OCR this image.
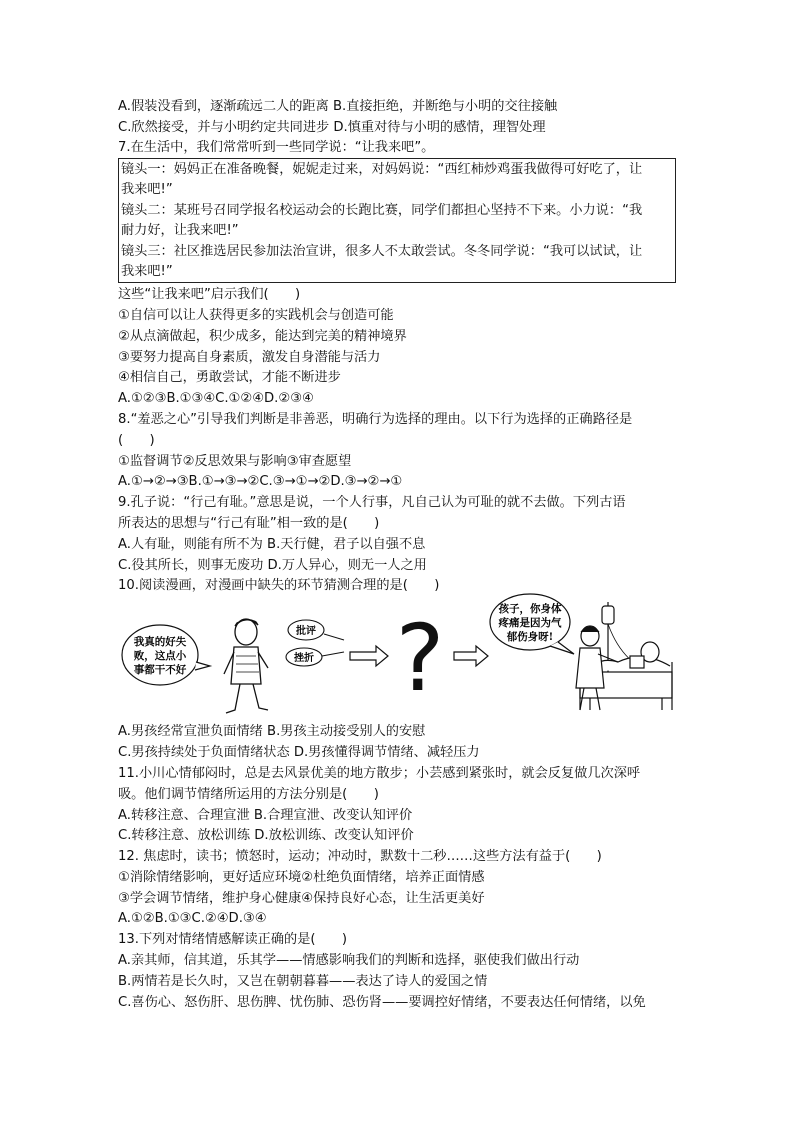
A.假装没看到，逐渐疏远二人的距离 B.直接拒绝，并断绝与小明的交往接触
C.欣然接受，并与小明约定共同进步 D.慎重对待与小明的感情，理智处理
7.在生活中，我们常常听到一些同学说：“让我来吧”。
镜头一：妈妈正在准备晚餐，妮妮走过来，对妈妈说：“西红柿炒鸡蛋我做得可好吃了，让
我来吧!”
镜头二：某班号召同学报名校运动会的长跑比赛，同学们都担心坚持不下来。小力说：“我
耐力好，让我来吧!”
镜头三：社区推选居民参加法治宣讲，很多人不太敢尝试。冬冬同学说：“我可以试试，让
我来吧!”
这些“让我来吧”启示我们(　　)
①自信可以让人获得更多的实践机会与创造可能
②从点滴做起，积少成多，能达到完美的精神境界
③要努力提高自身素质，激发自身潜能与活力
④相信自己，勇敢尝试，才能不断进步
A.①②③B.①③④C.①②④D.②③④
8.“羞恶之心”引导我们判断是非善恶，明确行为选择的理由。以下行为选择的正确路径是
(　　)
①监督调节②反思效果与影响③审查愿望
A.①→②→③B.①→③→②C.③→①→②D.③→②→①
9.孔子说：“行己有耻。”意思是说，一个人行事，凡自己认为可耻的就不去做。下列古语
所表达的思想与“行己有耻”相一致的是(　　)
A.人有耻，则能有所不为 B.天行健，君子以自强不息
C.役其所长，则事无废功 D.万人异心，则无一人之用
10.阅读漫画，对漫画中缺失的环节猜测合理的是(　　)
我真的好失
败，这点小
事都干不好
批评
挫折 ?	孩子，你身体
疼痛是因为气
郁伤身呀!
A.男孩经常宣泄负面情绪 B.男孩主动接受别人的安慰
C.男孩持续处于负面情绪状态 D.男孩懂得调节情绪、减轻压力
11.小川心情郁闷时，总是去风景优美的地方散步；小芸感到紧张时，就会反复做几次深呼
吸。他们调节情绪所运用的方法分别是(　　)
A.转移注意、合理宣泄 B.合理宣泄、改变认知评价
C.转移注意、放松训练 D.放松训练、改变认知评价
12. 焦虑时，读书；愤怒时，运动；冲动时，默数十二秒……这些方法有益于(　　)
①消除情绪影响，更好适应环境②杜绝负面情绪，培养正面情感
③学会调节情绪，维护身心健康④保持良好心态，让生活更美好
A.①②B.①③C.②④D.③④
13.下列对情绪情感解读正确的是(　　)
A.亲其师，信其道，乐其学——情感影响我们的判断和选择，驱使我们做出行动
B.两情若是长久时，又岂在朝朝暮暮——表达了诗人的爱国之情
C.喜伤心、怒伤肝、思伤脾、忧伤肺、恐伤肾——要调控好情绪，不要表达任何情绪，以免
